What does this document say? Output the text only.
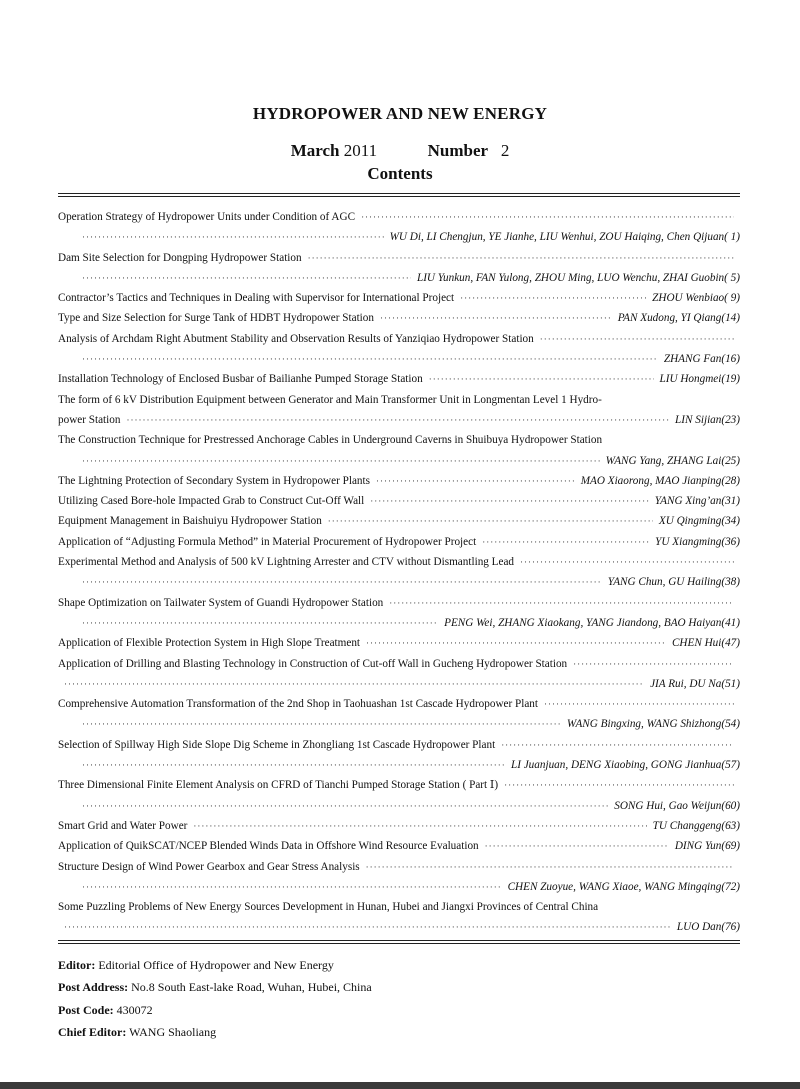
HYDROPOWER AND NEW ENERGY
March 2011	Number 2
Contents
Operation Strategy of Hydropower Units under Condition of AGC
·····
·····
WU Di, LI Chengjun, YE Jianhe, LIU Wenhui, ZOU Haiqing, Chen Qijuan ( 1)
Dam Site Selection for Dongping Hydropower Station
·····
·····
LIU Yunkun, FAN Yulong, ZHOU Ming, LUO Wenchu, ZHAI Guobin ( 5)
Contractor’s Tactics and Techniques in Dealing with Supervisor for International Project ·····	ZHOU Wenbiao ( 9)
Type and Size Selection for Surge Tank of HDBT Hydropower Station ·····	PAN Xudong, YI Qiang (14)
Analysis of Archdam Right Abutment Stability and Observation Results of Yanziqiao Hydropower Station
·····
·····
ZHANG Fan (16)
Installation Technology of Enclosed Busbar of Bailianhe Pumped Storage Station ·····	LIU Hongmei (19)
The form of 6 kV Distribution Equipment between Generator and Main Transformer Unit in Longmentan Level 1 Hydro-
power Station ·····	LIN Sijian (23)
The Construction Technique for Prestressed Anchorage Cables in Underground Caverns in Shuibuya Hydropower Station
·····
WANG Yang, ZHANG Lai (25)
The Lightning Protection of Secondary System in Hydropower Plants ·····	MAO Xiaorong, MAO Jianping (28)
Utilizing Cased Bore-hole Impacted Grab to Construct Cut-Off Wall ·····	YANG Xing’an (31)
Equipment Management in Baishuiyu Hydropower Station ·····	XU Qingming (34)
Application of “Adjusting Formula Method” in Material Procurement of Hydropower Project ·····	YU Xiangming (36)
Experimental Method and Analysis of 500 kV Lightning Arrester and CTV without Dismantling Lead
·····
·····
YANG Chun, GU Hailing (38)
Shape Optimization on Tailwater System of Guandi Hydropower Station
·····
·····
PENG Wei, ZHANG Xiaokang, YANG Jiandong, BAO Haiyan (41)
Application of Flexible Protection System in High Slope Treatment ·····	CHEN Hui (47)
Application of Drilling and Blasting Technology in Construction of Cut-off Wall in Gucheng Hydropower Station
·····
·····
JIA Rui, DU Na (51)
Comprehensive Automation Transformation of the 2nd Shop in Taohuashan 1st Cascade Hydropower Plant
·····
·····
WANG Bingxing, WANG Shizhong (54)
Selection of Spillway High Side Slope Dig Scheme in Zhongliang 1st Cascade Hydropower Plant
·····
·····
LI Juanjuan, DENG Xiaobing, GONG Jianhua (57)
Three Dimensional Finite Element Analysis on CFRD of Tianchi Pumped Storage Station ( Part Ⅰ)
·····
·····
SONG Hui, Gao Weijun (60)
Smart Grid and Water Power ·····	TU Changgeng (63)
Application of QuikSCAT/NCEP Blended Winds Data in Offshore Wind Resource Evaluation ·····	DING Yun (69)
Structure Design of Wind Power Gearbox and Gear Stress Analysis
·····
·····
CHEN Zuoyue, WANG Xiaoe, WANG Mingqing (72)
Some Puzzling Problems of New Energy Sources Development in Hunan, Hubei and Jiangxi Provinces of Central China
·····
LUO Dan (76)
Editor: Editorial Office of Hydropower and New Energy
Post Address: No.8 South East-lake Road, Wuhan, Hubei, China
Post Code: 430072
Chief Editor: WANG Shaoliang
